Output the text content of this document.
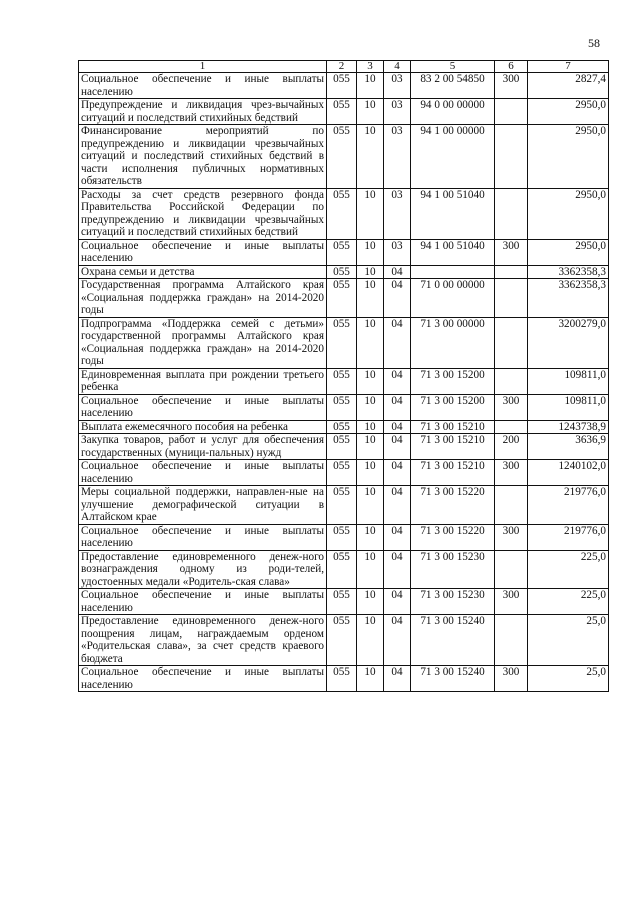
58
1	2	3	4	5	6	7
Социальное обеспечение и иные выплаты населению	055	10	03	83 2 00 54850	300	2827,4
Предупреждение и ликвидация чрез-вычайных ситуаций и последствий стихийных бедствий	055	10	03	94 0 00 00000		2950,0
Финансирование мероприятий по предупреждению и ликвидации чрезвычайных ситуаций и последствий стихийных бедствий в части исполнения публичных нормативных обязательств	055	10	03	94 1 00 00000		2950,0
Расходы за счет средств резервного фонда Правительства Российской Федерации по предупреждению и ликвидации чрезвычайных ситуаций и последствий стихийных бедствий	055	10	03	94 1 00 51040		2950,0
Социальное обеспечение и иные выплаты населению	055	10	03	94 1 00 51040	300	2950,0
Охрана семьи и детства	055	10	04			3362358,3
Государственная программа Алтайского края «Социальная поддержка граждан» на 2014-2020 годы	055	10	04	71 0 00 00000		3362358,3
Подпрограмма «Поддержка семей с детьми» государственной программы Алтайского края «Социальная поддержка граждан» на 2014-2020 годы	055	10	04	71 3 00 00000		3200279,0
Единовременная выплата при рождении третьего ребенка	055	10	04	71 3 00 15200		109811,0
Социальное обеспечение и иные выплаты населению	055	10	04	71 3 00 15200	300	109811,0
Выплата ежемесячного пособия на ребенка	055	10	04	71 3 00 15210		1243738,9
Закупка товаров, работ и услуг для обеспечения государственных (муници-пальных) нужд	055	10	04	71 3 00 15210	200	3636,9
Социальное обеспечение и иные выплаты населению	055	10	04	71 3 00 15210	300	1240102,0
Меры социальной поддержки, направлен-ные на улучшение демографической ситуации в Алтайском крае	055	10	04	71 3 00 15220		219776,0
Социальное обеспечение и иные выплаты населению	055	10	04	71 3 00 15220	300	219776,0
Предоставление единовременного денеж-ного вознаграждения одному из роди-телей, удостоенных медали «Родитель-ская слава»	055	10	04	71 3 00 15230		225,0
Социальное обеспечение и иные выплаты населению	055	10	04	71 3 00 15230	300	225,0
Предоставление единовременного денеж-ного поощрения лицам, награждаемым орденом «Родительская слава», за счет средств краевого бюджета	055	10	04	71 3 00 15240		25,0
Социальное обеспечение и иные выплаты населению	055	10	04	71 3 00 15240	300	25,0
